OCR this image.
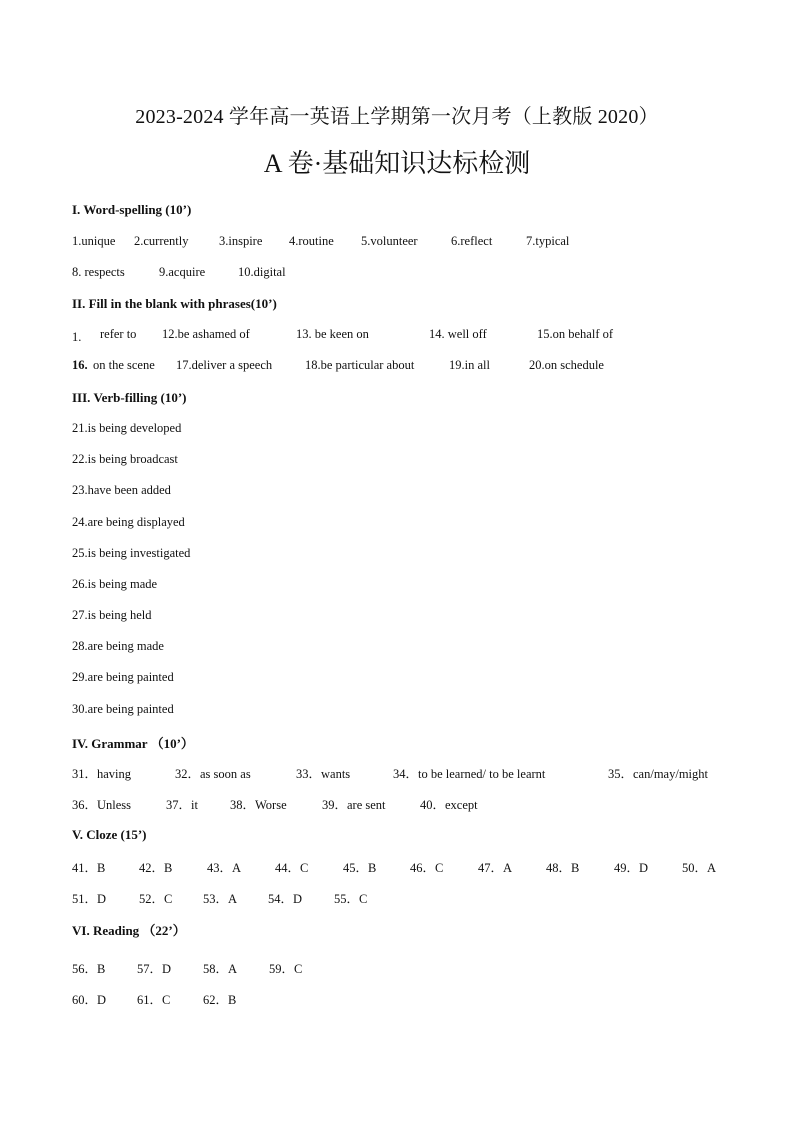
2023-2024 学年高一英语上学期第一次月考（上教版 2020）
A 卷·基础知识达标检测
I. Word-spelling (10’)
1.unique 2.currently 3.inspire 4.routine 5.volunteer	6.reflect	7.typical
8. respects	9.acquire	10.digital
II. Fill in the blank with phrases(10’)
1. refer to 12.be ashamed of	13. be keen on	14. well off	15.on behalf of
16. on the scene 17.deliver a speech	18.be particular about	19.in all	20.on schedule
III. Verb-filling (10’)
21.is being developed
22.is being broadcast
23.have been added
24.are being displayed
25.is being investigated
26.is being made
27.is being held
28.are being made
29.are being painted
30.are being painted
IV. Grammar （10’）
31．having	32．as soon as	33．wants	34．to be learned/ to be learnt	35．can/may/might
36．Unless	37．it	38．Worse	39．are sent	40．except
V. Cloze (15’)
41．B	42．B	43．A	44．C	45．B	46．C	47．A	48．B	49．D	50．A
51．D	52．C 53．A 54．D	55．C
VI. Reading （22’）
56．B	57．D	58．A	59．C
60．D 61．C	62．B
